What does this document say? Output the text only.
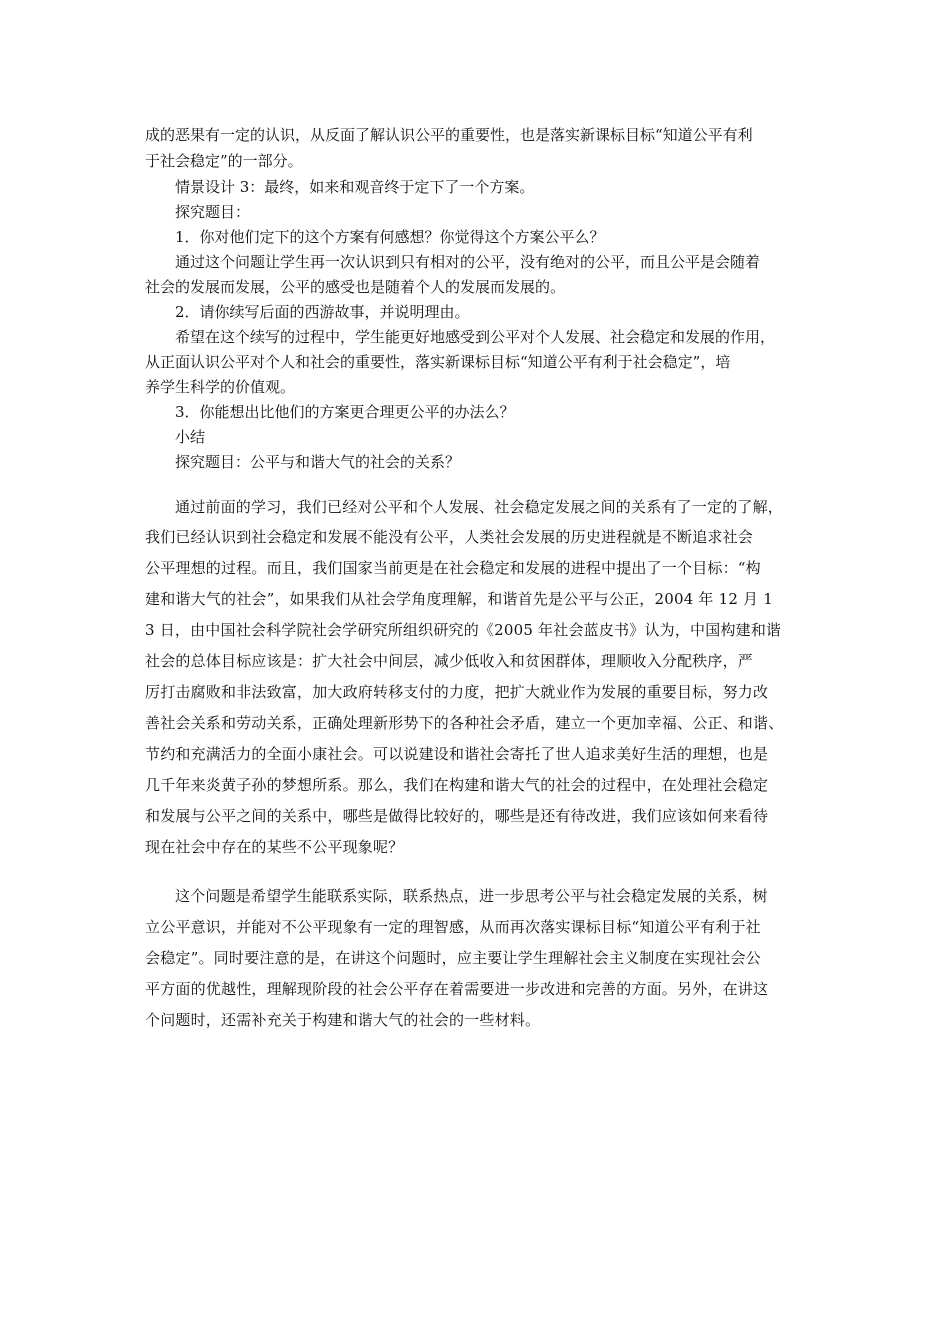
成的恶果有一定的认识，从反面了解认识公平的重要性，也是落实新课标目标“知道公平有利
于社会稳定”的一部分。
情景设计 3：最终，如来和观音终于定下了一个方案。
探究题目：
1．你对他们定下的这个方案有何感想？你觉得这个方案公平么？
通过这个问题让学生再一次认识到只有相对的公平，没有绝对的公平，而且公平是会随着
社会的发展而发展，公平的感受也是随着个人的发展而发展的。
2．请你续写后面的西游故事，并说明理由。
希望在这个续写的过程中，学生能更好地感受到公平对个人发展、社会稳定和发展的作用，
从正面认识公平对个人和社会的重要性，落实新课标目标“知道公平有利于社会稳定”，培
养学生科学的价值观。
3．你能想出比他们的方案更合理更公平的办法么？
小结
探究题目：公平与和谐大气的社会的关系？
通过前面的学习，我们已经对公平和个人发展、社会稳定发展之间的关系有了一定的了解，
我们已经认识到社会稳定和发展不能没有公平，人类社会发展的历史进程就是不断追求社会
公平理想的过程。而且，我们国家当前更是在社会稳定和发展的进程中提出了一个目标：“构
建和谐大气的社会”，如果我们从社会学角度理解，和谐首先是公平与公正，2004 年 12 月 1
3 日，由中国社会科学院社会学研究所组织研究的《2005 年社会蓝皮书》认为，中国构建和谐
社会的总体目标应该是：扩大社会中间层，减少低收入和贫困群体，理顺收入分配秩序，严
厉打击腐败和非法致富，加大政府转移支付的力度，把扩大就业作为发展的重要目标，努力改
善社会关系和劳动关系，正确处理新形势下的各种社会矛盾，建立一个更加幸福、公正、和谐、
节约和充满活力的全面小康社会。可以说建设和谐社会寄托了世人追求美好生活的理想，也是
几千年来炎黄子孙的梦想所系。那么，我们在构建和谐大气的社会的过程中，在处理社会稳定
和发展与公平之间的关系中，哪些是做得比较好的，哪些是还有待改进，我们应该如何来看待
现在社会中存在的某些不公平现象呢？
这个问题是希望学生能联系实际，联系热点，进一步思考公平与社会稳定发展的关系，树
立公平意识，并能对不公平现象有一定的理智感，从而再次落实课标目标“知道公平有利于社
会稳定”。同时要注意的是，在讲这个问题时，应主要让学生理解社会主义制度在实现社会公
平方面的优越性，理解现阶段的社会公平存在着需要进一步改进和完善的方面。另外，在讲这
个问题时，还需补充关于构建和谐大气的社会的一些材料。
